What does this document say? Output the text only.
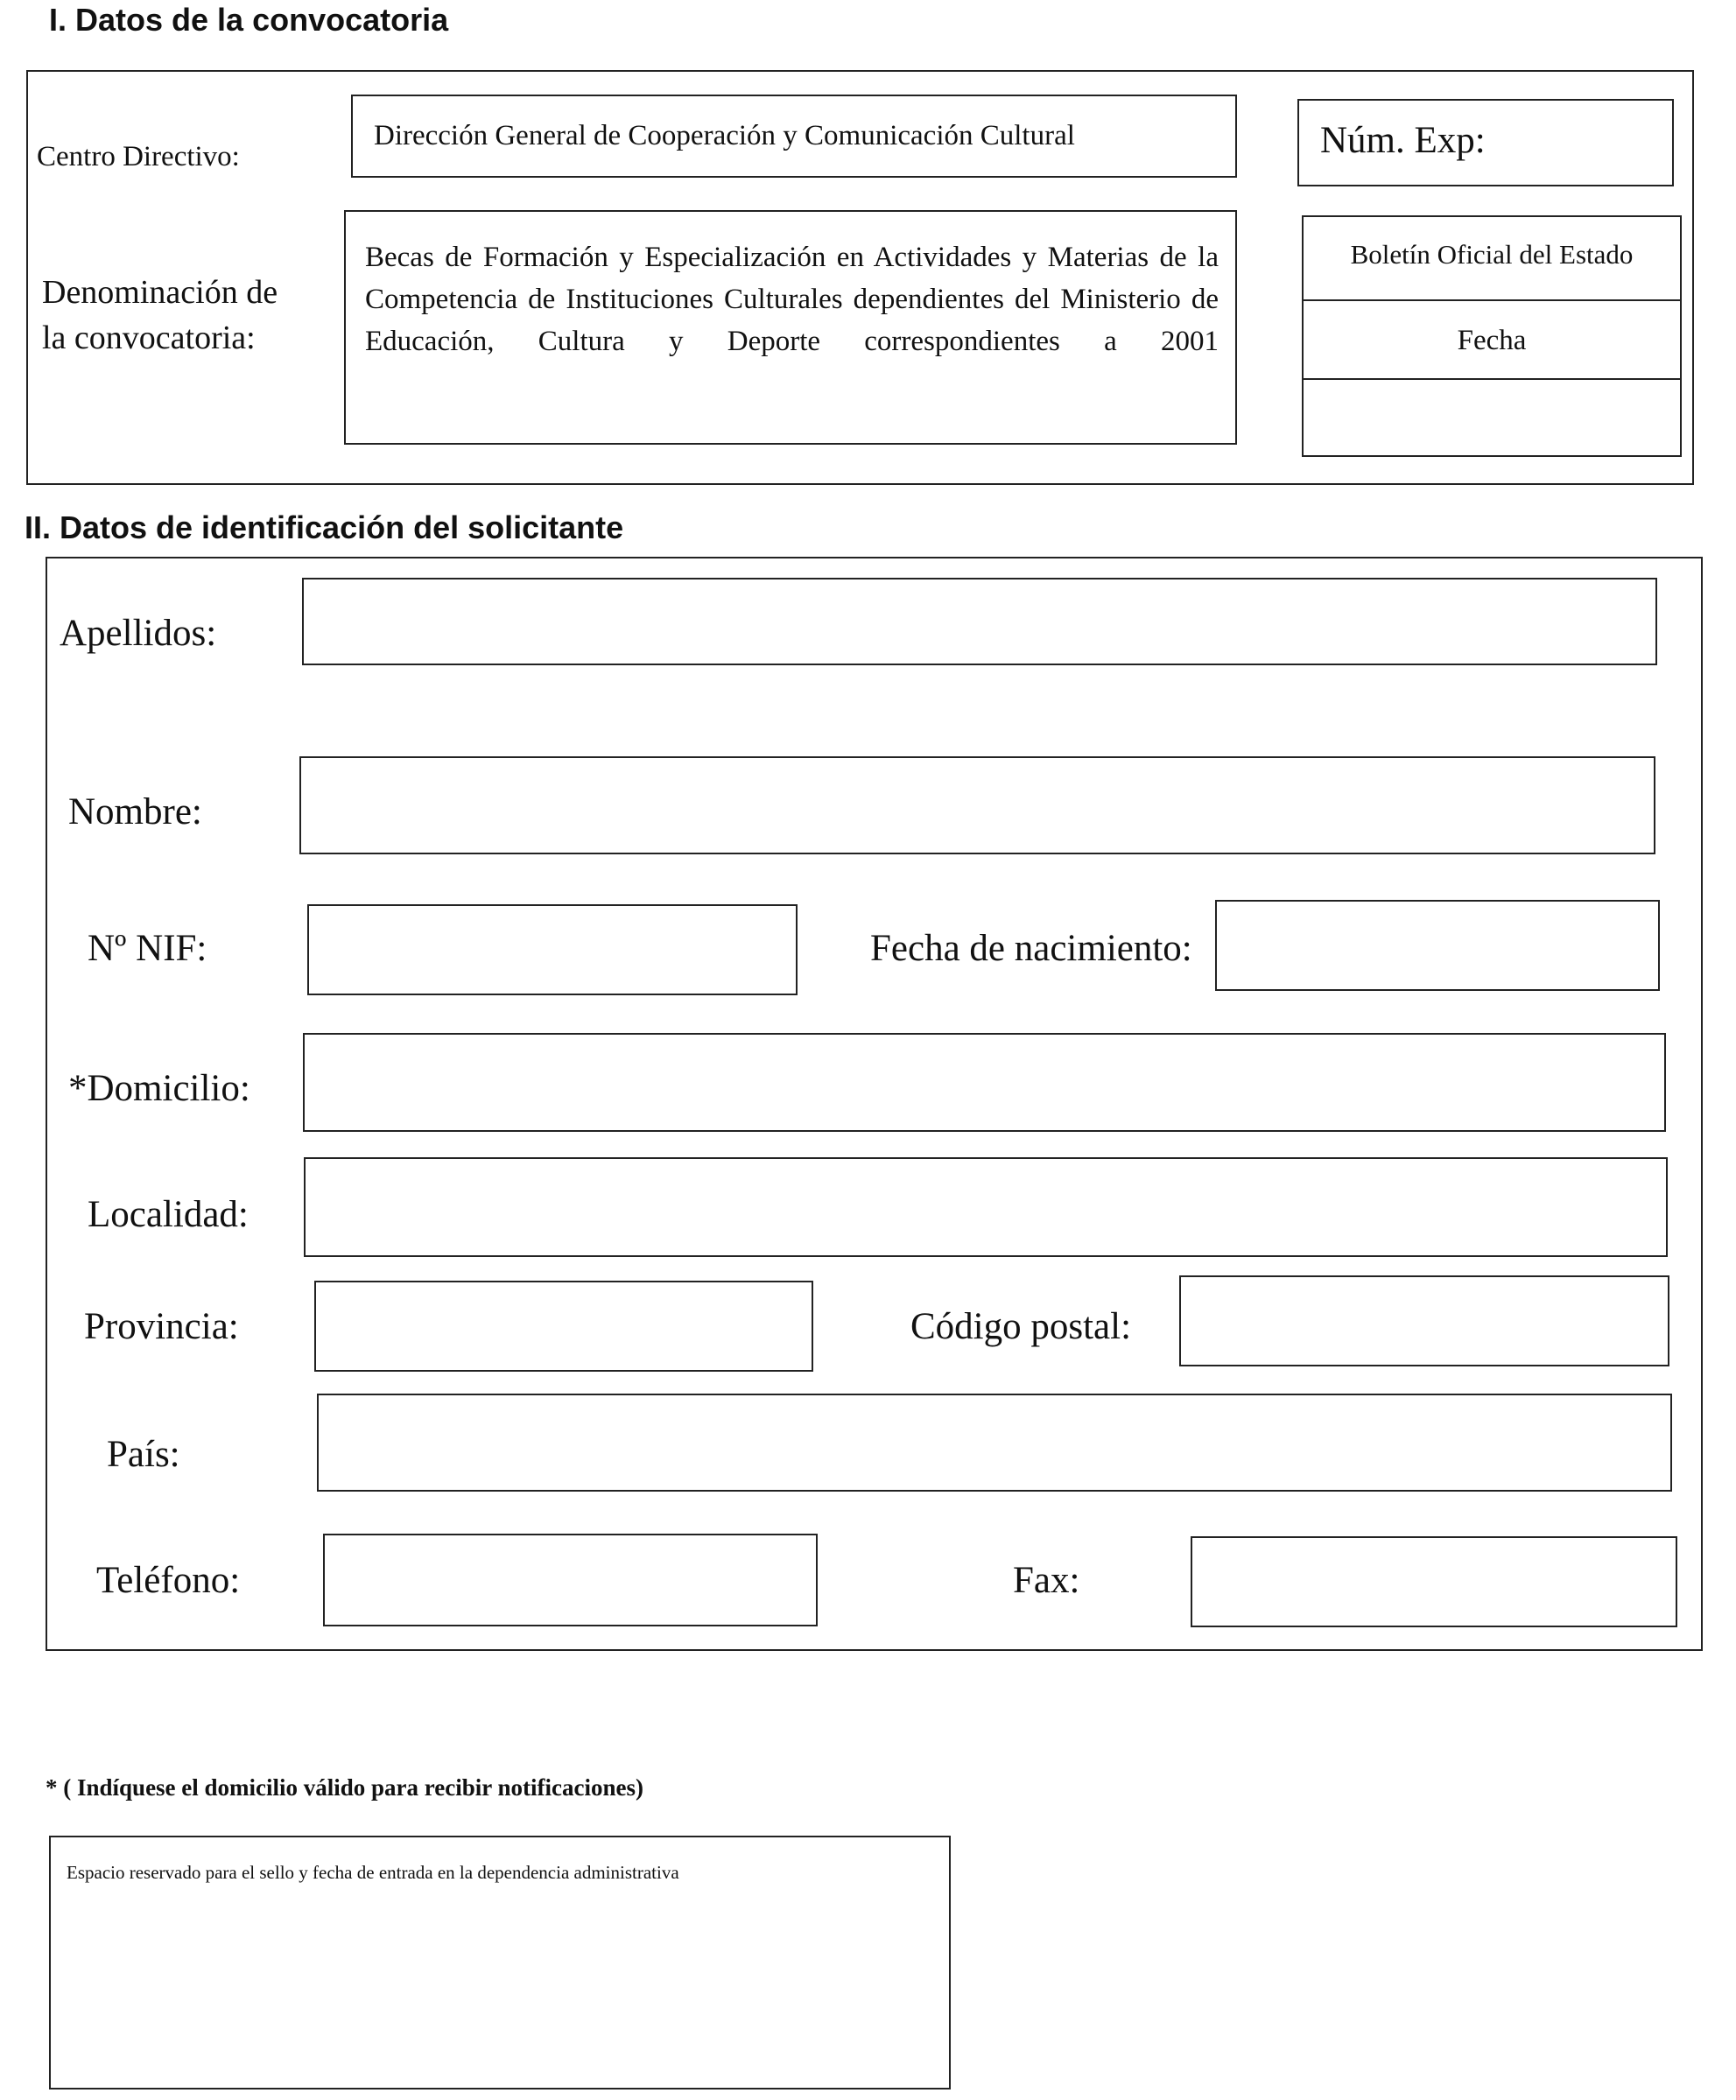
I. Datos de la convocatoria
Centro Directivo:
Dirección General de Cooperación y Comunicación Cultural	Núm. Exp:
Denominación de
la convocatoria:
Becas de Formación y Especialización en Actividades y Materias de la Competencia de Instituciones Culturales dependientes del Ministerio de Educación, Cultura y Deporte correspondientes a 2001
Boletín Oficial del Estado
Fecha
II. Datos de identificación del solicitante
Apellidos:
Nombre:
Nº NIF:	Fecha de nacimiento:
*Domicilio:
Localidad:
Provincia:	Código postal:
País:
Teléfono:	Fax:
* ( Indíquese el domicilio válido para recibir notificaciones)
Espacio reservado para el sello y fecha de entrada en la dependencia administrativa
